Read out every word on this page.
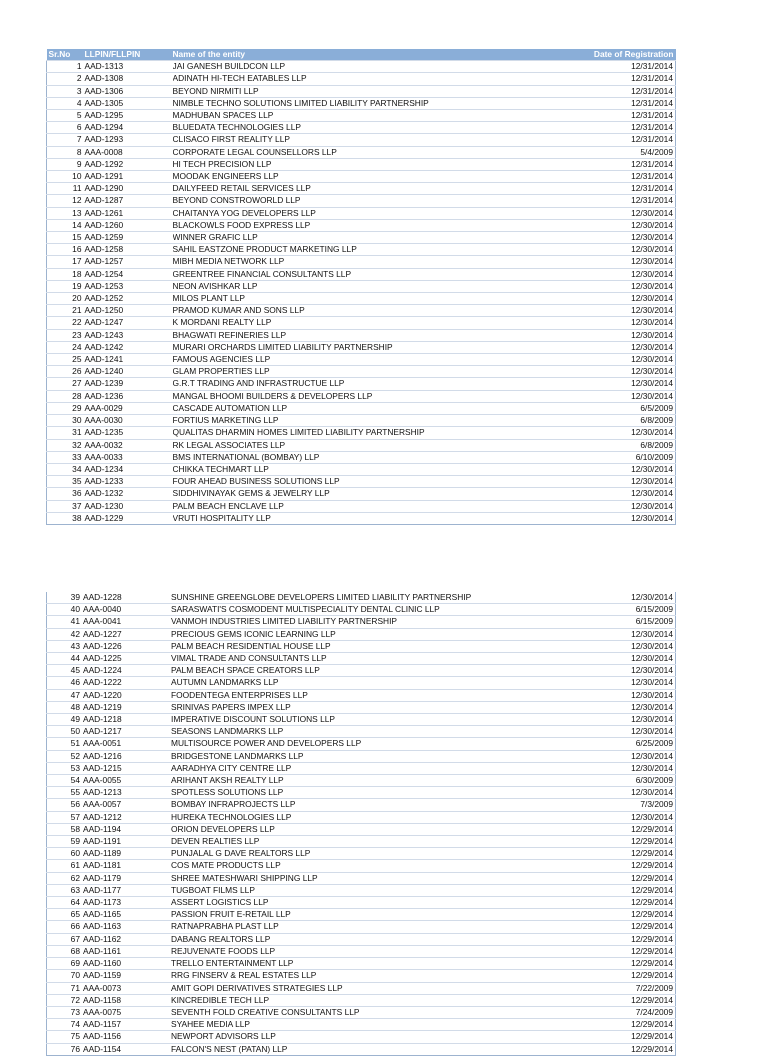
Sr.No	LLPIN/FLLPIN	Name of the entity	Date of Registration
1	AAD-1313	JAI GANESH BUILDCON LLP	12/31/2014
2	AAD-1308	ADINATH HI-TECH EATABLES LLP	12/31/2014
3	AAD-1306	BEYOND NIRMITI LLP	12/31/2014
4	AAD-1305	NIMBLE TECHNO SOLUTIONS LIMITED LIABILITY PARTNERSHIP	12/31/2014
5	AAD-1295	MADHUBAN SPACES LLP	12/31/2014
6	AAD-1294	BLUEDATA TECHNOLOGIES LLP	12/31/2014
7	AAD-1293	CLISACO FIRST REALITY LLP	12/31/2014
8	AAA-0008	CORPORATE LEGAL COUNSELLORS LLP	5/4/2009
9	AAD-1292	HI TECH PRECISION LLP	12/31/2014
10	AAD-1291	MOODAK ENGINEERS LLP	12/31/2014
11	AAD-1290	DAILYFEED RETAIL SERVICES LLP	12/31/2014
12	AAD-1287	BEYOND CONSTROWORLD LLP	12/31/2014
13	AAD-1261	CHAITANYA YOG DEVELOPERS LLP	12/30/2014
14	AAD-1260	BLACKOWLS FOOD EXPRESS LLP	12/30/2014
15	AAD-1259	WINNER GRAFIC LLP	12/30/2014
16	AAD-1258	SAHIL EASTZONE PRODUCT MARKETING LLP	12/30/2014
17	AAD-1257	MIBH MEDIA NETWORK LLP	12/30/2014
18	AAD-1254	GREENTREE FINANCIAL CONSULTANTS LLP	12/30/2014
19	AAD-1253	NEON AVISHKAR LLP	12/30/2014
20	AAD-1252	MILOS PLANT LLP	12/30/2014
21	AAD-1250	PRAMOD KUMAR AND SONS LLP	12/30/2014
22	AAD-1247	K MORDANI REALTY LLP	12/30/2014
23	AAD-1243	BHAGWATI REFINERIES LLP	12/30/2014
24	AAD-1242	MURARI ORCHARDS LIMITED LIABILITY PARTNERSHIP	12/30/2014
25	AAD-1241	FAMOUS AGENCIES LLP	12/30/2014
26	AAD-1240	GLAM PROPERTIES LLP	12/30/2014
27	AAD-1239	G.R.T TRADING AND INFRASTRUCTUE LLP	12/30/2014
28	AAD-1236	MANGAL BHOOMI BUILDERS & DEVELOPERS LLP	12/30/2014
29	AAA-0029	CASCADE AUTOMATION LLP	6/5/2009
30	AAA-0030	FORTIUS MARKETING LLP	6/8/2009
31	AAD-1235	QUALITAS DHARMIN HOMES LIMITED LIABILITY PARTNERSHIP	12/30/2014
32	AAA-0032	RK LEGAL ASSOCIATES LLP	6/8/2009
33	AAA-0033	BMS INTERNATIONAL (BOMBAY) LLP	6/10/2009
34	AAD-1234	CHIKKA TECHMART LLP	12/30/2014
35	AAD-1233	FOUR AHEAD BUSINESS SOLUTIONS LLP	12/30/2014
36	AAD-1232	SIDDHIVINAYAK GEMS & JEWELRY LLP	12/30/2014
37	AAD-1230	PALM BEACH ENCLAVE LLP	12/30/2014
38	AAD-1229	VRUTI HOSPITALITY LLP	12/30/2014
39	AAD-1228	SUNSHINE GREENGLOBE DEVELOPERS LIMITED LIABILITY PARTNERSHIP	12/30/2014
40	AAA-0040	SARASWATI'S COSMODENT MULTISPECIALITY DENTAL CLINIC LLP	6/15/2009
41	AAA-0041	VANMOH INDUSTRIES LIMITED LIABILITY PARTNERSHIP	6/15/2009
42	AAD-1227	PRECIOUS GEMS ICONIC LEARNING LLP	12/30/2014
43	AAD-1226	PALM BEACH RESIDENTIAL HOUSE LLP	12/30/2014
44	AAD-1225	VIMAL TRADE AND CONSULTANTS LLP	12/30/2014
45	AAD-1224	PALM BEACH SPACE CREATORS LLP	12/30/2014
46	AAD-1222	AUTUMN LANDMARKS LLP	12/30/2014
47	AAD-1220	FOODENTEGA ENTERPRISES LLP	12/30/2014
48	AAD-1219	SRINIVAS PAPERS IMPEX LLP	12/30/2014
49	AAD-1218	IMPERATIVE DISCOUNT SOLUTIONS LLP	12/30/2014
50	AAD-1217	SEASONS LANDMARKS LLP	12/30/2014
51	AAA-0051	MULTISOURCE POWER AND DEVELOPERS LLP	6/25/2009
52	AAD-1216	BRIDGESTONE LANDMARKS LLP	12/30/2014
53	AAD-1215	AARADHYA CITY CENTRE LLP	12/30/2014
54	AAA-0055	ARIHANT AKSH REALTY LLP	6/30/2009
55	AAD-1213	SPOTLESS SOLUTIONS LLP	12/30/2014
56	AAA-0057	BOMBAY INFRAPROJECTS LLP	7/3/2009
57	AAD-1212	HUREKA TECHNOLOGIES LLP	12/30/2014
58	AAD-1194	ORION DEVELOPERS LLP	12/29/2014
59	AAD-1191	DEVEN REALTIES LLP	12/29/2014
60	AAD-1189	PUNJALAL G DAVE REALTORS LLP	12/29/2014
61	AAD-1181	COS MATE PRODUCTS LLP	12/29/2014
62	AAD-1179	SHREE MATESHWARI SHIPPING LLP	12/29/2014
63	AAD-1177	TUGBOAT FILMS LLP	12/29/2014
64	AAD-1173	ASSERT LOGISTICS LLP	12/29/2014
65	AAD-1165	PASSION FRUIT E-RETAIL LLP	12/29/2014
66	AAD-1163	RATNAPRABHA PLAST LLP	12/29/2014
67	AAD-1162	DABANG REALTORS LLP	12/29/2014
68	AAD-1161	REJUVENATE FOODS LLP	12/29/2014
69	AAD-1160	TRELLO ENTERTAINMENT LLP	12/29/2014
70	AAD-1159	RRG FINSERV & REAL ESTATES LLP	12/29/2014
71	AAA-0073	AMIT GOPI DERIVATIVES STRATEGIES LLP	7/22/2009
72	AAD-1158	KINCREDIBLE TECH LLP	12/29/2014
73	AAA-0075	SEVENTH FOLD CREATIVE CONSULTANTS LLP	7/24/2009
74	AAD-1157	SYAHEE MEDIA LLP	12/29/2014
75	AAD-1156	NEWPORT ADVISORS LLP	12/29/2014
76	AAD-1154	FALCON'S NEST (PATAN) LLP	12/29/2014
